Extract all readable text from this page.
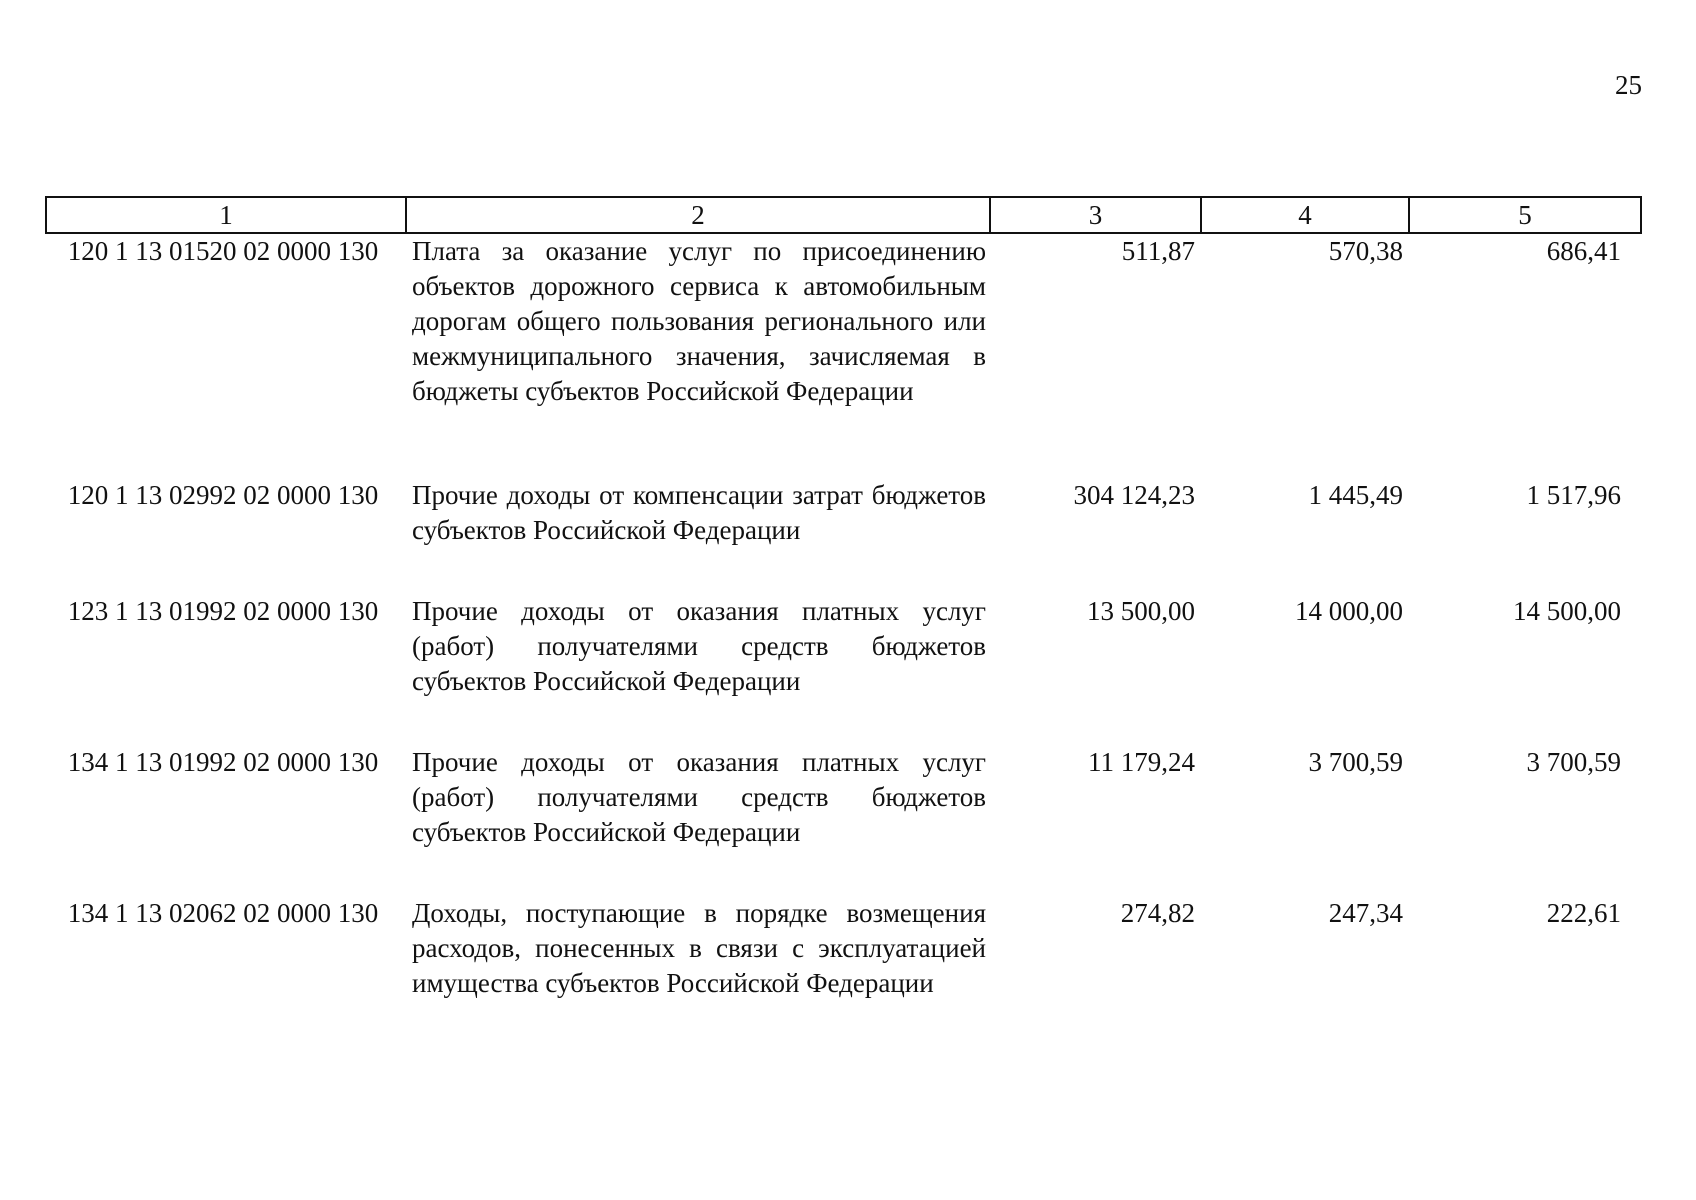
25
1	2	3	4	5
120 1 13 01520 02 0000 130	Плата за оказание услуг по присоединению объектов дорожного сервиса к автомобильным дорогам общего пользования регионального или межмуниципального значения, зачисляемая в бюджеты субъектов Российской Федерации	511,87	570,38	686,41
120 1 13 02992 02 0000 130	Прочие доходы от компенсации затрат бюджетов субъектов Российской Федерации	304 124,23	1 445,49	1 517,96
123 1 13 01992 02 0000 130	Прочие доходы от оказания платных услуг (работ) получателями средств бюджетов субъектов Российской Федерации	13 500,00	14 000,00	14 500,00
134 1 13 01992 02 0000 130	Прочие доходы от оказания платных услуг (работ) получателями средств бюджетов субъектов Российской Федерации	11 179,24	3 700,59	3 700,59
134 1 13 02062 02 0000 130	Доходы, поступающие в порядке возмещения расходов, понесенных в связи с эксплуатацией имущества субъектов Российской Федерации	274,82	247,34	222,61
